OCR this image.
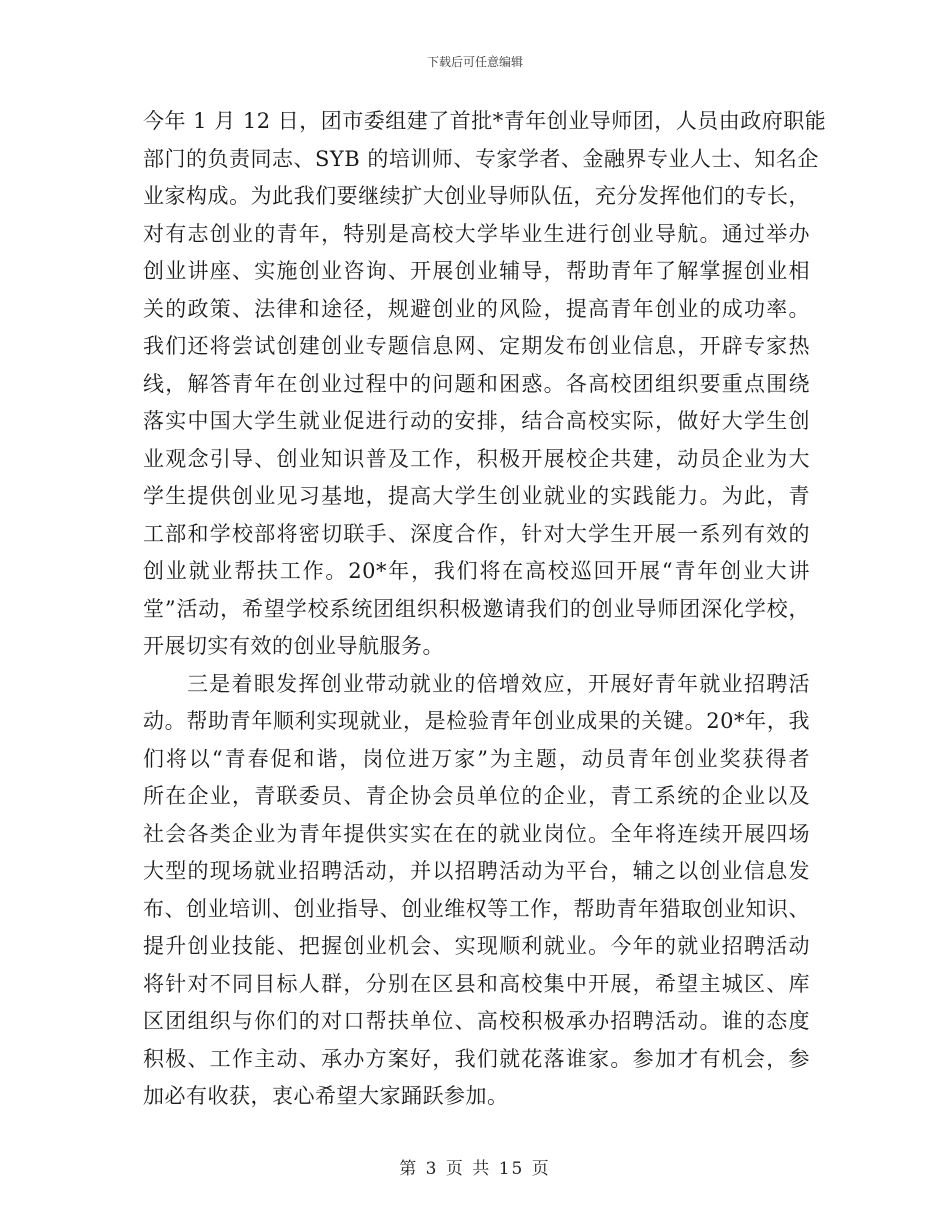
下载后可任意编辑
今年 1 月 12 日，团市委组建了首批*青年创业导师团，人员由政府职能
部门的负责同志、SYB 的培训师、专家学者、金融界专业人士、知名企
业家构成。为此我们要继续扩大创业导师队伍，充分发挥他们的专长，
对有志创业的青年，特别是高校大学毕业生进行创业导航。通过举办
创业讲座、实施创业咨询、开展创业辅导，帮助青年了解掌握创业相
关的政策、法律和途径，规避创业的风险，提高青年创业的成功率。
我们还将尝试创建创业专题信息网、定期发布创业信息，开辟专家热
线，解答青年在创业过程中的问题和困惑。各高校团组织要重点围绕
落实中国大学生就业促进行动的安排，结合高校实际，做好大学生创
业观念引导、创业知识普及工作，积极开展校企共建，动员企业为大
学生提供创业见习基地，提高大学生创业就业的实践能力。为此，青
工部和学校部将密切联手、深度合作，针对大学生开展一系列有效的
创业就业帮扶工作。20*年，我们将在高校巡回开展“青年创业大讲
堂”活动，希望学校系统团组织积极邀请我们的创业导师团深化学校，
开展切实有效的创业导航服务。
三是着眼发挥创业带动就业的倍增效应，开展好青年就业招聘活
动。帮助青年顺利实现就业，是检验青年创业成果的关键。20*年，我
们将以“青春促和谐，岗位进万家”为主题，动员青年创业奖获得者
所在企业，青联委员、青企协会员单位的企业，青工系统的企业以及
社会各类企业为青年提供实实在在的就业岗位。全年将连续开展四场
大型的现场就业招聘活动，并以招聘活动为平台，辅之以创业信息发
布、创业培训、创业指导、创业维权等工作，帮助青年猎取创业知识、
提升创业技能、把握创业机会、实现顺利就业。今年的就业招聘活动
将针对不同目标人群，分别在区县和高校集中开展，希望主城区、库
区团组织与你们的对口帮扶单位、高校积极承办招聘活动。谁的态度
积极、工作主动、承办方案好，我们就花落谁家。参加才有机会，参
加必有收获，衷心希望大家踊跃参加。
第 3 页 共 15 页
